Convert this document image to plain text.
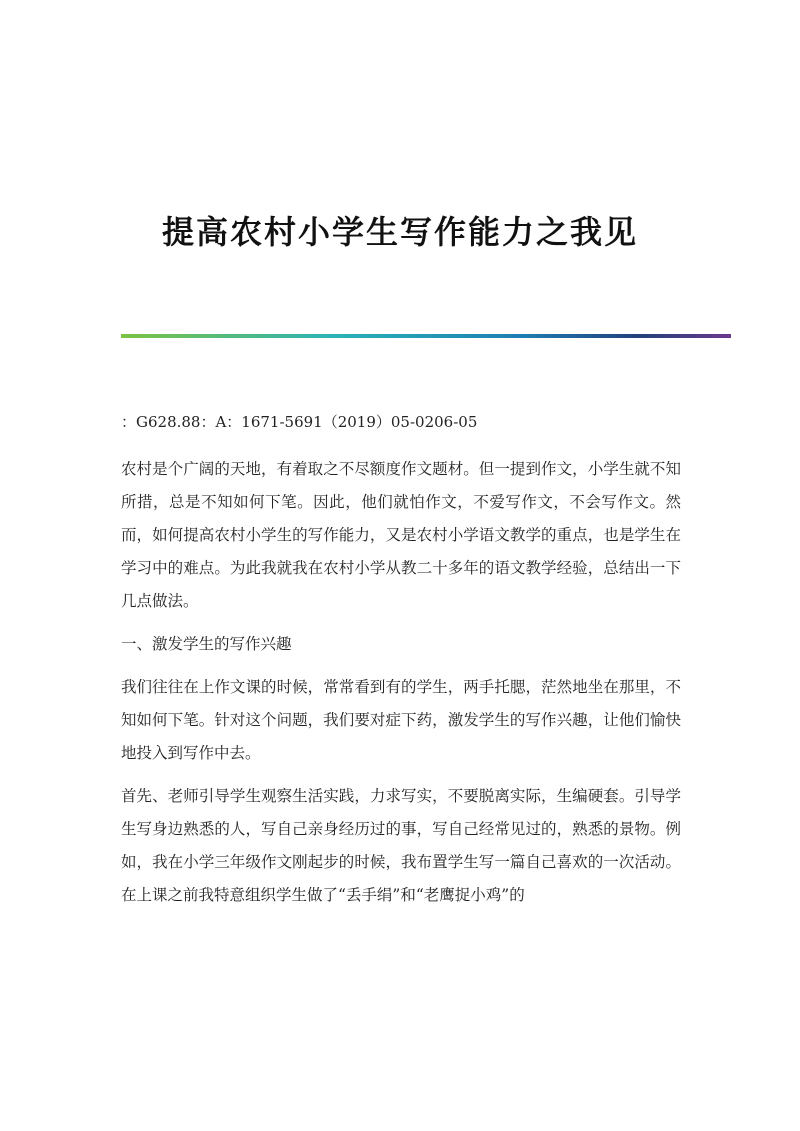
提高农村小学生写作能力之我见
：G628.88：A：1671-5691（2019）05-0206-05

农村是个广阔的天地，有着取之不尽额度作文题材。但一提到作文，小学生就不知所措，总是不知如何下笔。因此，他们就怕作文，不爱写作文，不会写作文。然而，如何提高农村小学生的写作能力，又是农村小学语文教学的重点，也是学生在学习中的难点。为此我就我在农村小学从教二十多年的语文教学经验，总结出一下几点做法。

一、激发学生的写作兴趣

我们往往在上作文课的时候，常常看到有的学生，两手托腮，茫然地坐在那里，不知如何下笔。针对这个问题，我们要对症下药，激发学生的写作兴趣，让他们愉快地投入到写作中去。

首先、老师引导学生观察生活实践，力求写实，不要脱离实际，生编硬套。引导学生写身边熟悉的人，写自己亲身经历过的事，写自己经常见过的，熟悉的景物。例如，我在小学三年级作文刚起步的时候，我布置学生写一篇自己喜欢的一次活动。在上课之前我特意组织学生做了“丢手绢”和“老鹰捉小鸡”的
